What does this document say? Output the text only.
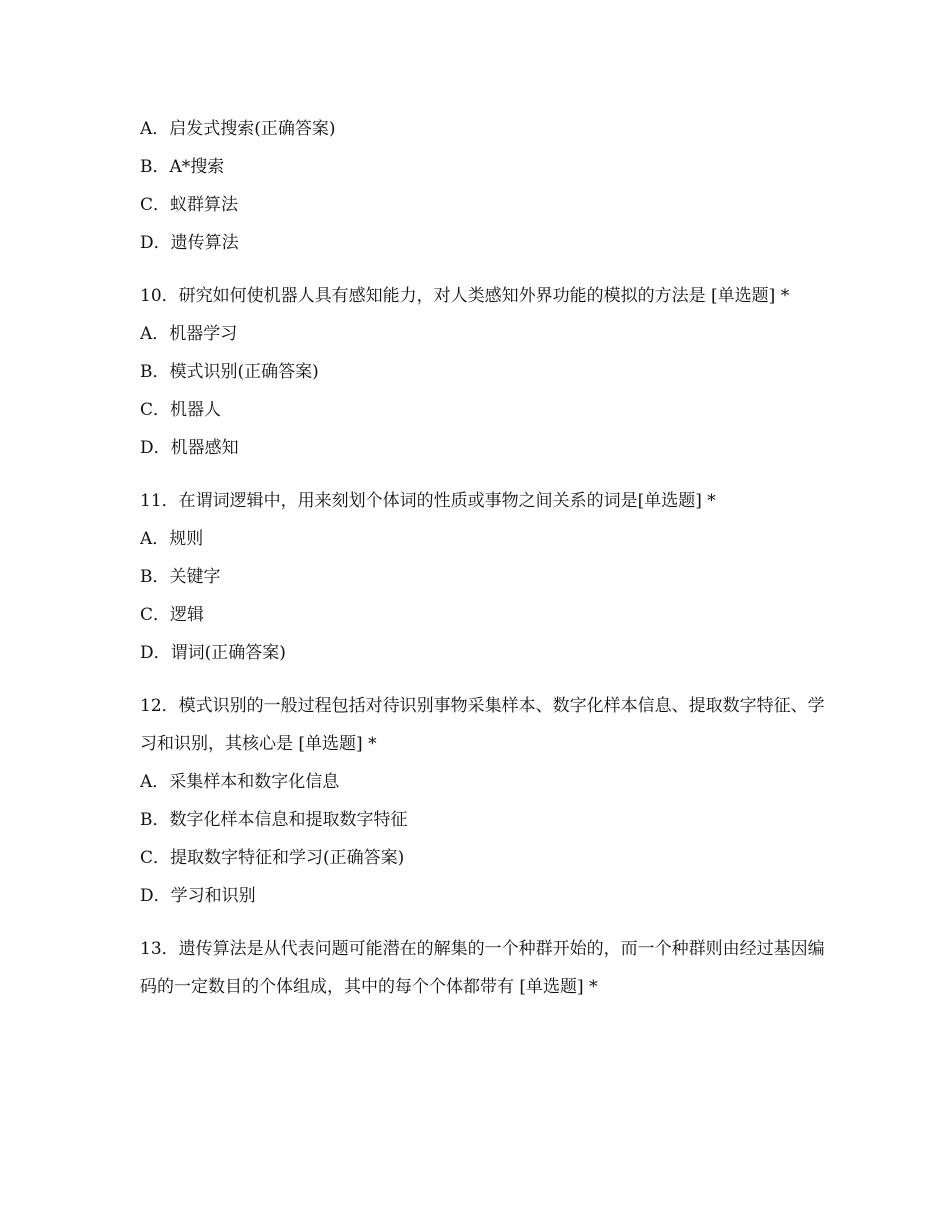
A．启发式搜索(正确答案)
B．A*搜索
C．蚁群算法
D．遗传算法
10．研究如何使机器人具有感知能力，对人类感知外界功能的模拟的方法是 [单选题] *
A．机器学习
B．模式识别(正确答案)
C．机器人
D．机器感知
11．在谓词逻辑中，用来刻划个体词的性质或事物之间关系的词是[单选题] *
A．规则
B．关键字
C．逻辑
D．谓词(正确答案)
12．模式识别的一般过程包括对待识别事物采集样本、数字化样本信息、提取数字特征、学习和识别，其核心是 [单选题] *
A．采集样本和数字化信息
B．数字化样本信息和提取数字特征
C．提取数字特征和学习(正确答案)
D．学习和识别
13．遗传算法是从代表问题可能潜在的解集的一个种群开始的，而一个种群则由经过基因编码的一定数目的个体组成，其中的每个个体都带有 [单选题] *
